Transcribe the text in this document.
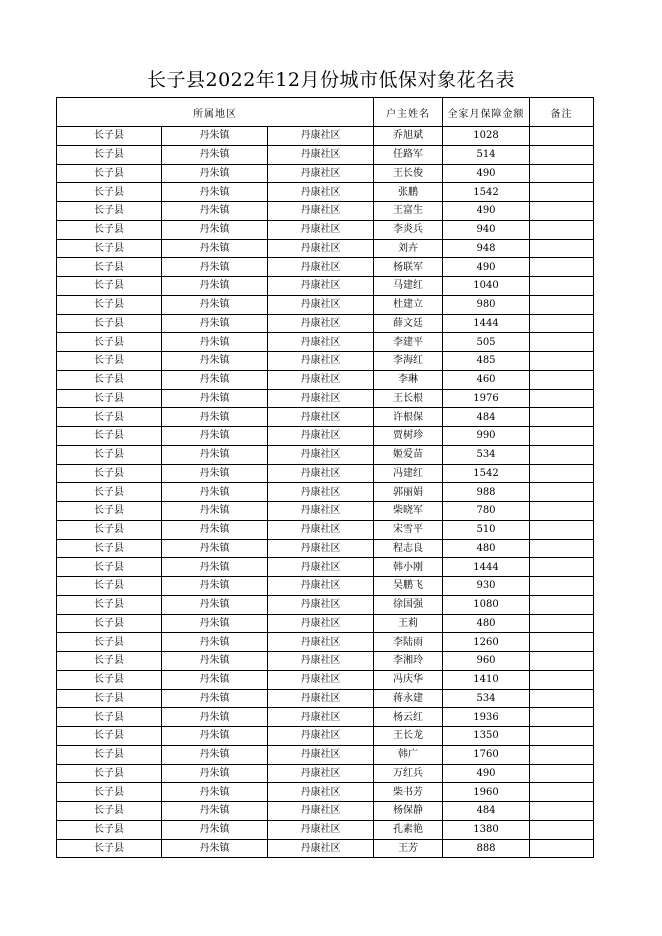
长子县2022年12月份城市低保对象花名表
所属地区			户主姓名	全家月保障金额	备注
长子县	丹朱镇	丹康社区	乔旭斌	1028	
长子县	丹朱镇	丹康社区	任路军	514	
长子县	丹朱镇	丹康社区	王长俊	490	
长子县	丹朱镇	丹康社区	张鹏	1542	
长子县	丹朱镇	丹康社区	王富生	490	
长子县	丹朱镇	丹康社区	李炎兵	940	
长子县	丹朱镇	丹康社区	刘卉	948	
长子县	丹朱镇	丹康社区	杨联军	490	
长子县	丹朱镇	丹康社区	马建红	1040	
长子县	丹朱镇	丹康社区	杜建立	980	
长子县	丹朱镇	丹康社区	薛文廷	1444	
长子县	丹朱镇	丹康社区	李建平	505	
长子县	丹朱镇	丹康社区	李海红	485	
长子县	丹朱镇	丹康社区	李琳	460	
长子县	丹朱镇	丹康社区	王长根	1976	
长子县	丹朱镇	丹康社区	许根保	484	
长子县	丹朱镇	丹康社区	贾树珍	990	
长子县	丹朱镇	丹康社区	姬爱苗	534	
长子县	丹朱镇	丹康社区	冯建红	1542	
长子县	丹朱镇	丹康社区	郭丽娟	988	
长子县	丹朱镇	丹康社区	柴晓军	780	
长子县	丹朱镇	丹康社区	宋雪平	510	
长子县	丹朱镇	丹康社区	程志良	480	
长子县	丹朱镇	丹康社区	韩小刚	1444	
长子县	丹朱镇	丹康社区	吴鹏飞	930	
长子县	丹朱镇	丹康社区	徐国强	1080	
长子县	丹朱镇	丹康社区	王莉	480	
长子县	丹朱镇	丹康社区	李陆雨	1260	
长子县	丹朱镇	丹康社区	李湘玲	960	
长子县	丹朱镇	丹康社区	冯庆华	1410	
长子县	丹朱镇	丹康社区	蒋永建	534	
长子县	丹朱镇	丹康社区	杨云红	1936	
长子县	丹朱镇	丹康社区	王长龙	1350	
长子县	丹朱镇	丹康社区	韩广	1760	
长子县	丹朱镇	丹康社区	万红兵	490	
长子县	丹朱镇	丹康社区	柴书芳	1960	
长子县	丹朱镇	丹康社区	杨保静	484	
长子县	丹朱镇	丹康社区	孔素艳	1380	
长子县	丹朱镇	丹康社区	王芳	888	
